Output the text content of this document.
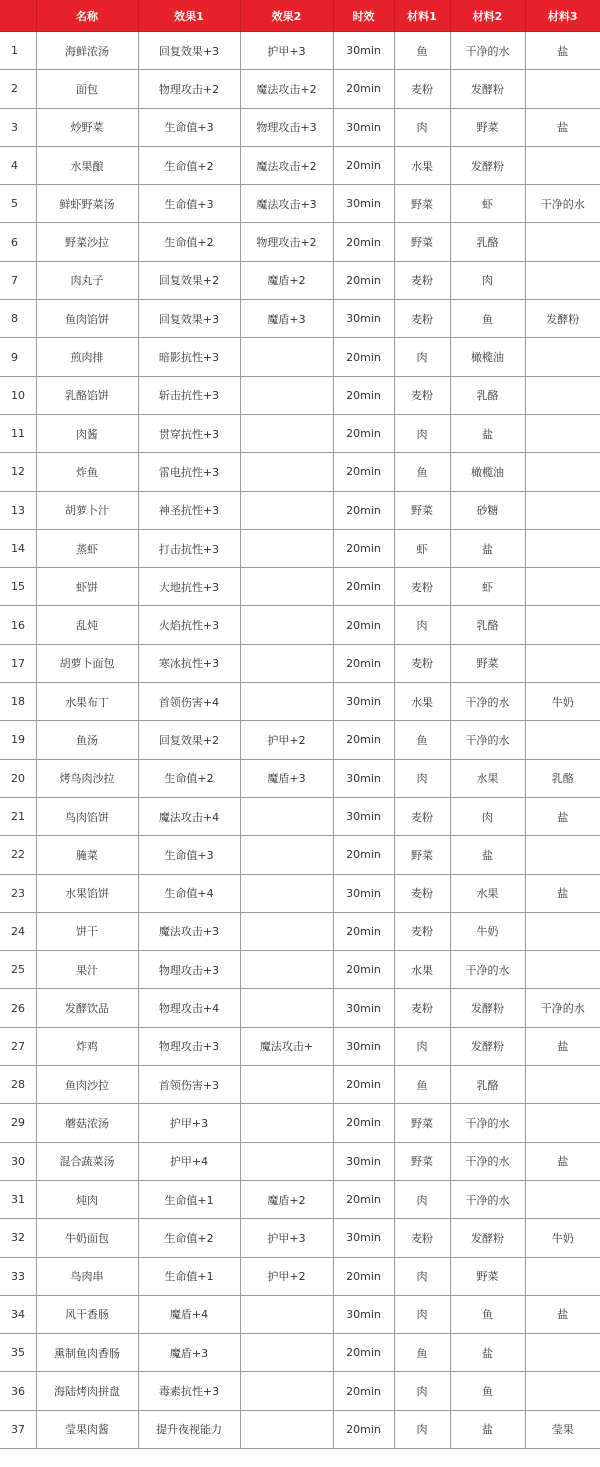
	名称	效果1	效果2	时效	材料1	材料2	材料3
1	海鲜浓汤	回复效果+3	护甲+3	30min	鱼	干净的水	盐
2	面包	物理攻击+2	魔法攻击+2	20min	麦粉	发酵粉	
3	炒野菜	生命值+3	物理攻击+3	30min	肉	野菜	盐
4	水果酿	生命值+2	魔法攻击+2	20min	水果	发酵粉	
5	鲜虾野菜汤	生命值+3	魔法攻击+3	30min	野菜	虾	干净的水
6	野菜沙拉	生命值+2	物理攻击+2	20min	野菜	乳酪	
7	肉丸子	回复效果+2	魔盾+2	20min	麦粉	肉	
8	鱼肉馅饼	回复效果+3	魔盾+3	30min	麦粉	鱼	发酵粉
9	煎肉排	暗影抗性+3		20min	肉	橄榄油	
10	乳酪馅饼	斩击抗性+3		20min	麦粉	乳酪	
11	肉酱	贯穿抗性+3		20min	肉	盐	
12	炸鱼	雷电抗性+3		20min	鱼	橄榄油	
13	胡萝卜汁	神圣抗性+3		20min	野菜	砂糖	
14	蒸虾	打击抗性+3		20min	虾	盐	
15	虾饼	大地抗性+3		20min	麦粉	虾	
16	乱炖	火焰抗性+3		20min	肉	乳酪	
17	胡萝卜面包	寒冰抗性+3		20min	麦粉	野菜	
18	水果布丁	首领伤害+4		30min	水果	干净的水	牛奶
19	鱼汤	回复效果+2	护甲+2	20min	鱼	干净的水	
20	烤鸟肉沙拉	生命值+2	魔盾+3	30min	肉	水果	乳酪
21	鸟肉馅饼	魔法攻击+4		30min	麦粉	肉	盐
22	腌菜	生命值+3		20min	野菜	盐	
23	水果馅饼	生命值+4		30min	麦粉	水果	盐
24	饼干	魔法攻击+3		20min	麦粉	牛奶	
25	果汁	物理攻击+3		20min	水果	干净的水	
26	发酵饮品	物理攻击+4		30min	麦粉	发酵粉	干净的水
27	炸鸡	物理攻击+3	魔法攻击+	30min	肉	发酵粉	盐
28	鱼肉沙拉	首领伤害+3		20min	鱼	乳酪	
29	蘑菇浓汤	护甲+3		20min	野菜	干净的水	
30	混合蔬菜汤	护甲+4		30min	野菜	干净的水	盐
31	炖肉	生命值+1	魔盾+2	20min	肉	干净的水	
32	牛奶面包	生命值+2	护甲+3	30min	麦粉	发酵粉	牛奶
33	鸟肉串	生命值+1	护甲+2	20min	肉	野菜	
34	风干香肠	魔盾+4		30min	肉	鱼	盐
35	熏制鱼肉香肠	魔盾+3		20min	鱼	盐	
36	海陆烤肉拼盘	毒素抗性+3		20min	肉	鱼	
37	莹果肉酱	提升夜视能力		20min	肉	盐	莹果
